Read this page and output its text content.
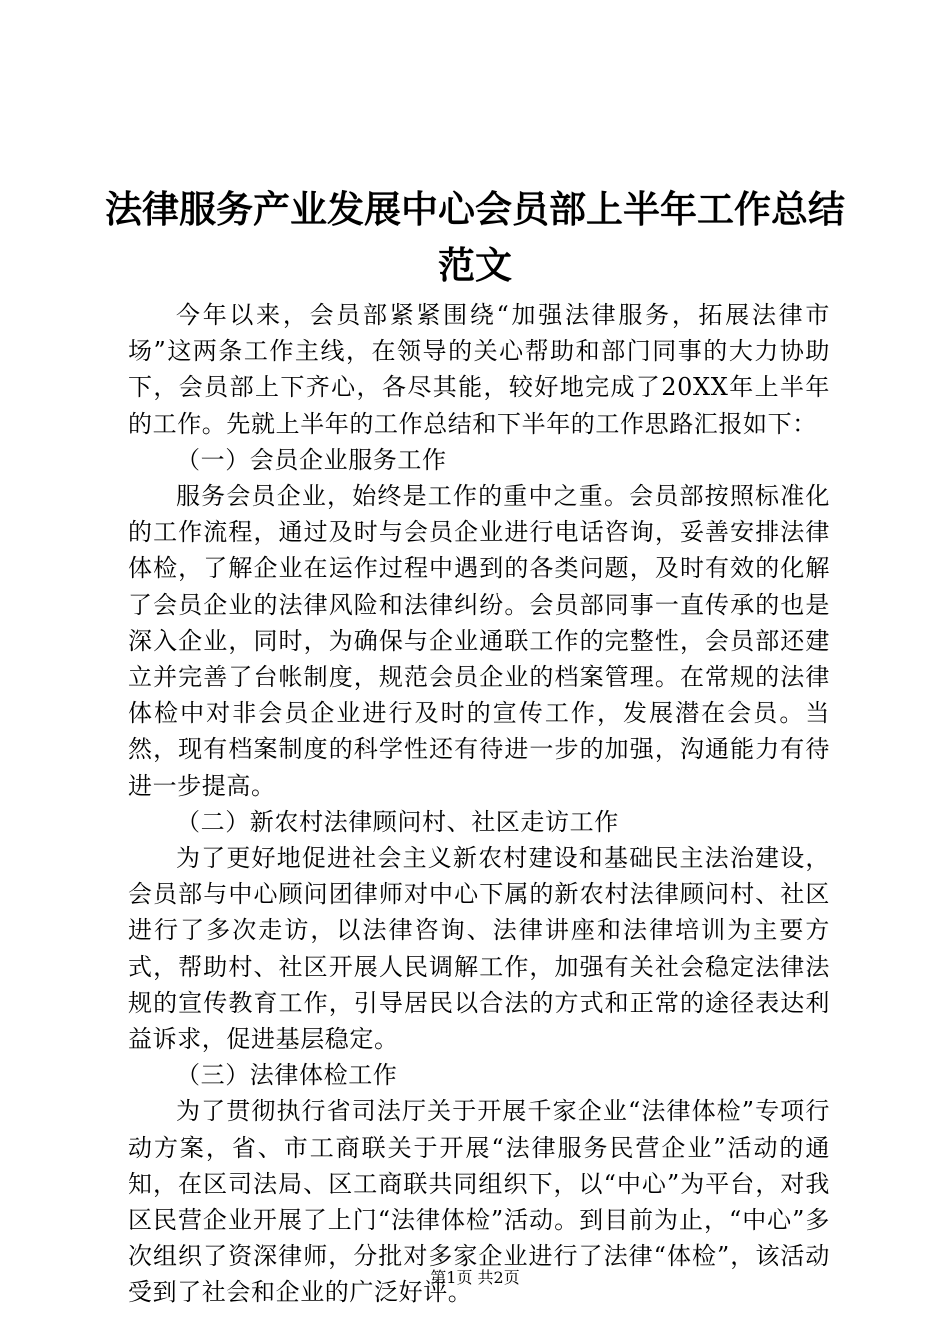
法律服务产业发展中心会员部上半年工作总结
范文

今年以来，会员部紧紧围绕“加强法律服务，拓展法律市场”这两条工作主线，在领导的关心帮助和部门同事的大力协助下，会员部上下齐心，各尽其能，较好地完成了20XX年上半年的工作。先就上半年的工作总结和下半年的工作思路汇报如下：

（一）会员企业服务工作

服务会员企业，始终是工作的重中之重。会员部按照标准化的工作流程，通过及时与会员企业进行电话咨询，妥善安排法律体检，了解企业在运作过程中遇到的各类问题，及时有效的化解了会员企业的法律风险和法律纠纷。会员部同事一直传承的也是深入企业，同时，为确保与企业通联工作的完整性，会员部还建立并完善了台帐制度，规范会员企业的档案管理。在常规的法律体检中对非会员企业进行及时的宣传工作，发展潜在会员。当然，现有档案制度的科学性还有待进一步的加强，沟通能力有待进一步提高。

（二）新农村法律顾问村、社区走访工作

为了更好地促进社会主义新农村建设和基础民主法治建设，会员部与中心顾问团律师对中心下属的新农村法律顾问村、社区进行了多次走访，以法律咨询、法律讲座和法律培训为主要方式，帮助村、社区开展人民调解工作，加强有关社会稳定法律法规的宣传教育工作，引导居民以合法的方式和正常的途径表达利益诉求，促进基层稳定。

（三）法律体检工作

为了贯彻执行省司法厅关于开展千家企业“法律体检”专项行动方案，省、市工商联关于开展“法律服务民营企业”活动的通知，在区司法局、区工商联共同组织下，以“中心”为平台，对我区民营企业开展了上门“法律体检”活动。到目前为止，“中心”多次组织了资深律师，分批对多家企业进行了法律“体检”，该活动受到了社会和企业的广泛好评。

第1页 共2页
